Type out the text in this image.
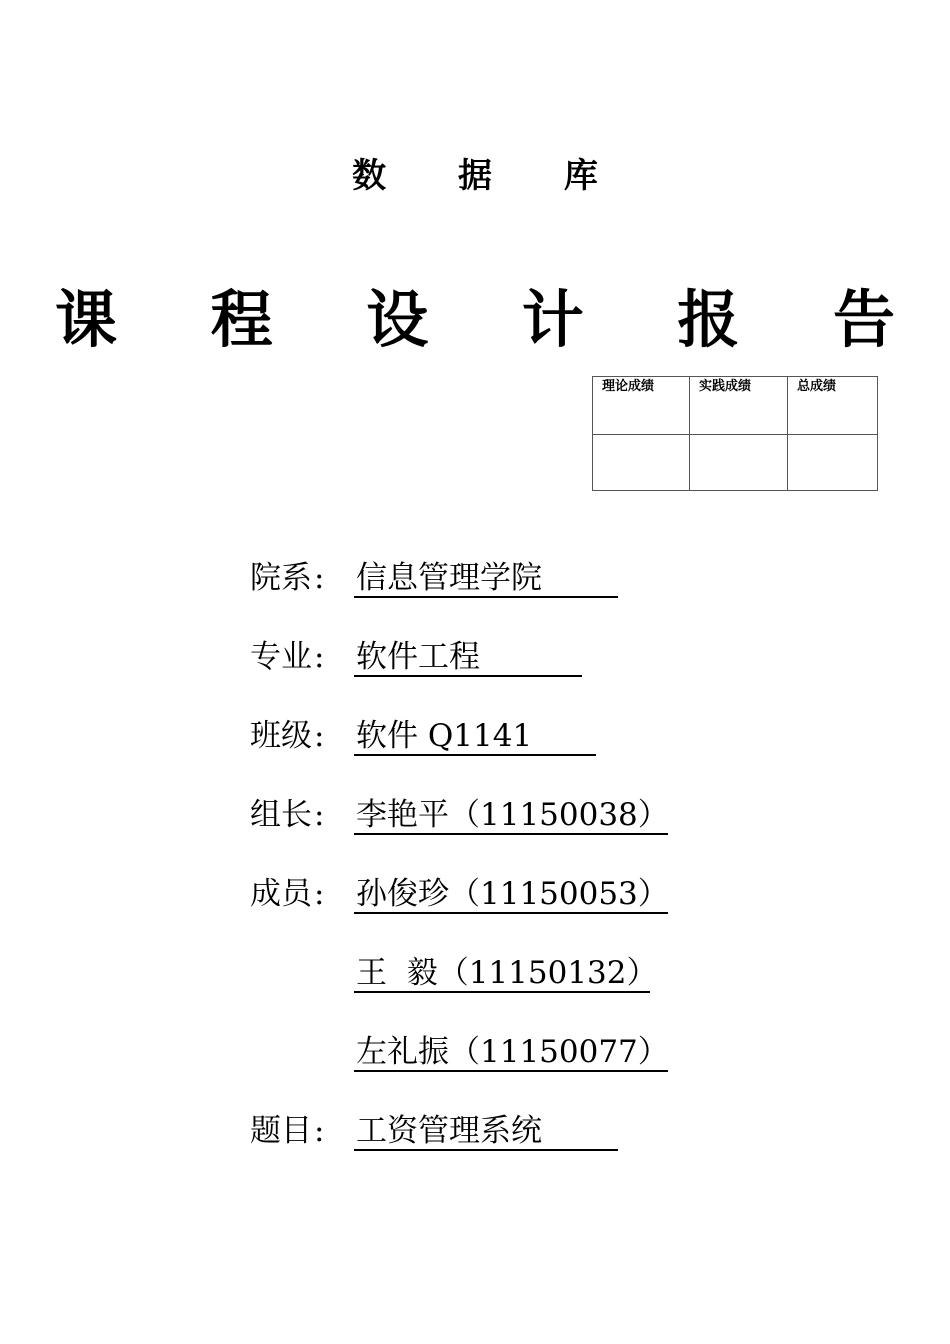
数 据 库
课 程 设 计 报 告
理论成绩	实践成绩	总成绩

院系 : 信息管理学院
专业 : 软件工程
班级 : 软件 Q1141
组长 : 李艳平（11150038）
成员 : 孙俊珍（11150053）
王  毅（11150132）
左礼振（11150077）
题目 : 工资管理系统
